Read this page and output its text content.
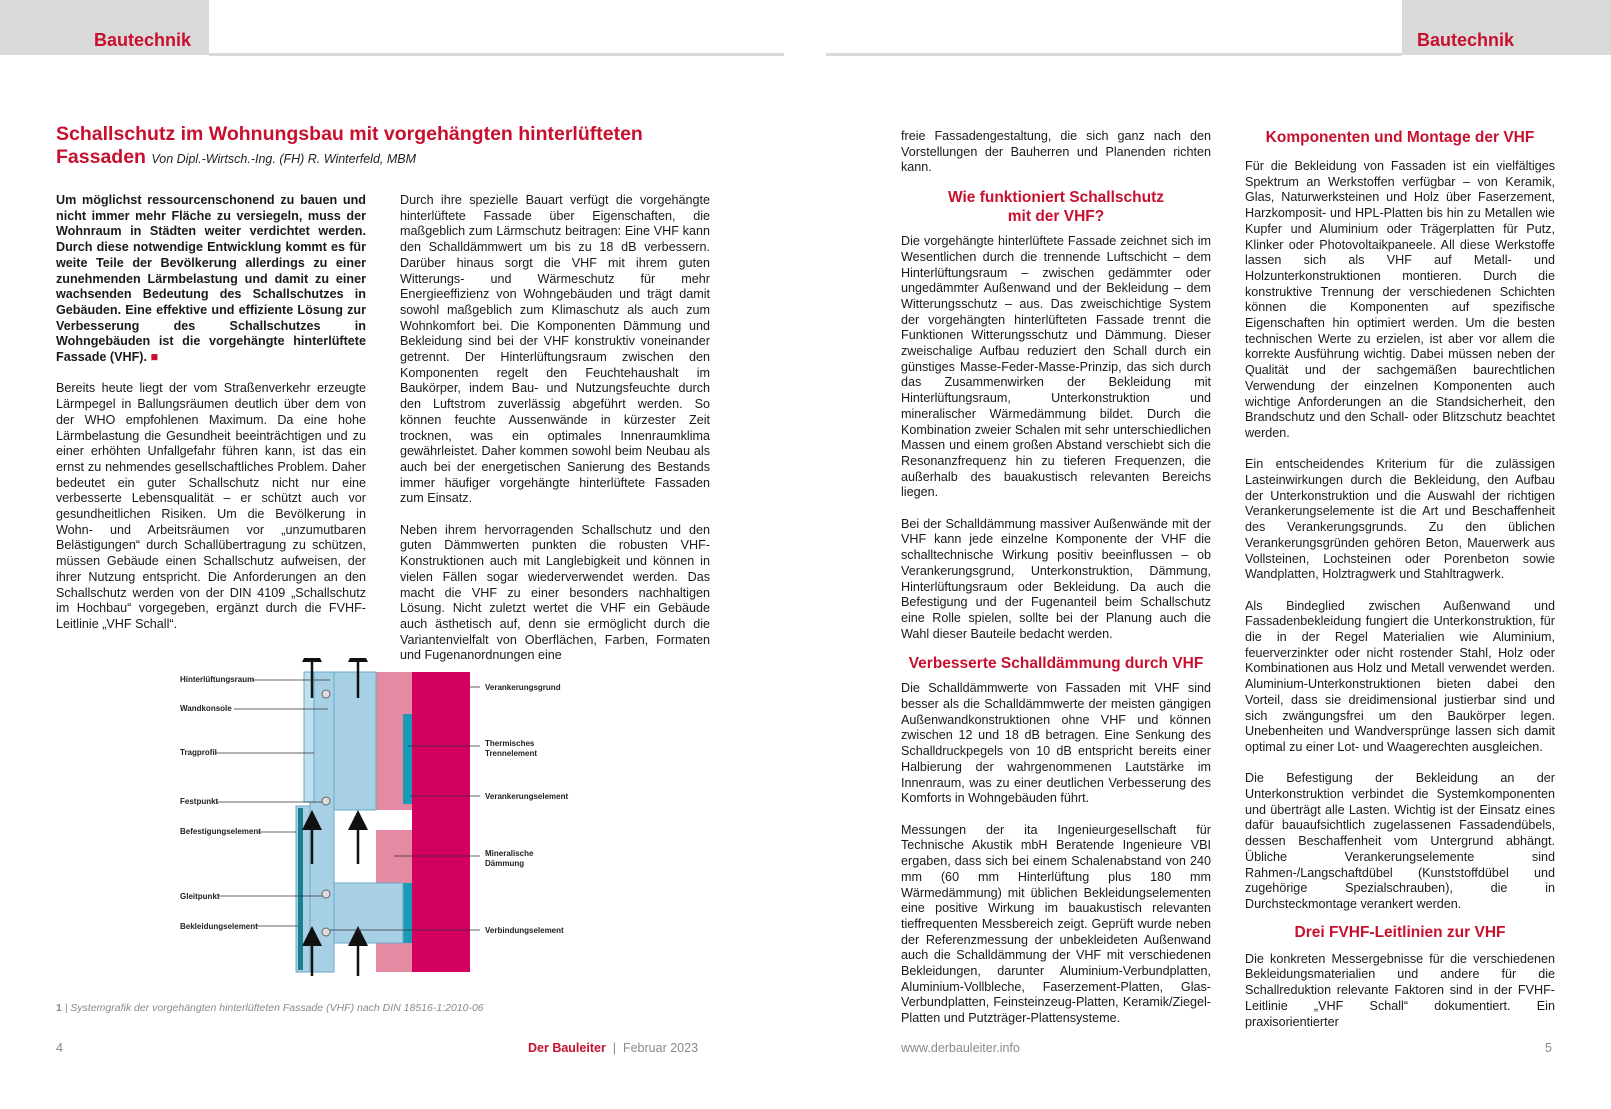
Bautechnik	Bautechnik
Schallschutz im Wohnungsbau mit vorgehängten hinterlüfteten Fassaden Von Dipl.-Wirtsch.-Ing. (FH) R. Winterfeld, MBM

Um möglichst ressourcenschonend zu bauen und nicht immer mehr Fläche zu versiegeln, muss der Wohnraum in Städten weiter verdichtet werden. Durch diese notwendige Entwicklung kommt es für weite Teile der Bevölkerung allerdings zu einer zunehmenden Lärmbelastung und damit zu einer wachsenden Bedeutung des Schallschutzes in Gebäuden. Eine effektive und effiziente Lösung zur Verbesserung des Schallschutzes in Wohngebäuden ist die vorgehängte hinterlüftete Fassade (VHF). ■

Bereits heute liegt der vom Straßenverkehr erzeugte Lärmpegel in Ballungsräumen deutlich über dem von der WHO empfohlenen Maximum. Da eine hohe Lärmbelastung die Gesundheit beeinträchtigen und zu einer erhöhten Unfallgefahr führen kann, ist das ein ernst zu nehmendes gesellschaftliches Problem. Daher bedeutet ein guter Schallschutz nicht nur eine verbesserte Lebensqualität – er schützt auch vor gesundheitlichen Risiken. Um die Bevölkerung in Wohn- und Arbeitsräumen vor „unzumutbaren Belästigungen“ durch Schallübertragung zu schützen, müssen Gebäude einen Schallschutz aufweisen, der ihrer Nutzung entspricht. Die Anforderungen an den Schallschutz werden von der DIN 4109 „Schallschutz im Hochbau“ vorgegeben, ergänzt durch die FVHF-Leitlinie „VHF Schall“.

Durch ihre spezielle Bauart verfügt die vorgehängte hinterlüftete Fassade über Eigenschaften, die maßgeblich zum Lärmschutz beitragen: Eine VHF kann den Schalldämmwert um bis zu 18 dB verbessern. Darüber hinaus sorgt die VHF mit ihrem guten Witterungs- und Wärmeschutz für mehr Energieeffizienz von Wohngebäuden und trägt damit sowohl maßgeblich zum Klimaschutz als auch zum Wohnkomfort bei. Die Komponenten Dämmung und Bekleidung sind bei der VHF konstruktiv voneinander getrennt. Der Hinterlüftungsraum zwischen den Komponenten regelt den Feuchtehaushalt im Baukörper, indem Bau- und Nutzungsfeuchte durch den Luftstrom zuverlässig abgeführt werden. So können feuchte Aussenwände in kürzester Zeit trocknen, was ein optimales Innenraumklima gewährleistet. Daher kommen sowohl beim Neubau als auch bei der energetischen Sanierung des Bestands immer häufiger vorgehängte hinterlüftete Fassaden zum Einsatz.

Neben ihrem hervorragenden Schallschutz und den guten Dämmwerten punkten die robusten VHF-Konstruktionen auch mit Langlebigkeit und können in vielen Fällen sogar wiederverwendet werden. Das macht die VHF zu einer besonders nachhaltigen Lösung. Nicht zuletzt wertet die VHF ein Gebäude auch ästhetisch auf, denn sie ermöglicht durch die Variantenvielfalt von Oberflächen, Farben, Formaten und Fugenanordnungen eine

freie Fassadengestaltung, die sich ganz nach den Vorstellungen der Bauherren und Planenden richten kann.

Wie funktioniert Schallschutz mit der VHF?

Die vorgehängte hinterlüftete Fassade zeichnet sich im Wesentlichen durch die trennende Luftschicht – dem Hinterlüftungsraum – zwischen gedämmter oder ungedämmter Außenwand und der Bekleidung – dem Witterungsschutz – aus. Das zweischichtige System der vorgehängten hinterlüfteten Fassade trennt die Funktionen Witterungsschutz und Dämmung. Dieser zweischalige Aufbau reduziert den Schall durch ein günstiges Masse-Feder-Masse-Prinzip, das sich durch das Zusammenwirken der Bekleidung mit Hinterlüftungsraum, Unterkonstruktion und mineralischer Wärmedämmung bildet. Durch die Kombination zweier Schalen mit sehr unterschiedlichen Massen und einem großen Abstand verschiebt sich die Resonanzfrequenz hin zu tieferen Frequenzen, die außerhalb des bauakustisch relevanten Bereichs liegen.

Bei der Schalldämmung massiver Außenwände mit der VHF kann jede einzelne Komponente der VHF die schalltechnische Wirkung positiv beeinflussen – ob Verankerungsgrund, Unterkonstruktion, Dämmung, Hinterlüftungsraum oder Bekleidung. Da auch die Befestigung und der Fugenanteil beim Schallschutz eine Rolle spielen, sollte bei der Planung auch die Wahl dieser Bauteile bedacht werden.

Verbesserte Schalldämmung durch VHF

Die Schalldämmwerte von Fassaden mit VHF sind besser als die Schalldämmwerte der meisten gängigen Außenwandkonstruktionen ohne VHF und können zwischen 12 und 18 dB betragen. Eine Senkung des Schalldruckpegels von 10 dB entspricht bereits einer Halbierung der wahrgenommenen Lautstärke im Innenraum, was zu einer deutlichen Verbesserung des Komforts in Wohngebäuden führt.

Messungen der ita Ingenieurgesellschaft für Technische Akustik mbH Beratende Ingenieure VBI ergaben, dass sich bei einem Schalenabstand von 240 mm (60 mm Hinterlüftung plus 180 mm Wärmedämmung) mit üblichen Bekleidungselementen eine positive Wirkung im bauakustisch relevanten tieffrequenten Messbereich zeigt. Geprüft wurde neben der Referenzmessung der unbekleideten Außenwand auch die Schalldämmung der VHF mit verschiedenen Bekleidungen, darunter Aluminium-Verbundplatten, Aluminium-Vollbleche, Faserzement-Platten, Glas-Verbundplatten, Feinsteinzeug-Platten, Keramik/Ziegel-Platten und Putzträger-Plattensysteme.

Komponenten und Montage der VHF

Für die Bekleidung von Fassaden ist ein vielfältiges Spektrum an Werkstoffen verfügbar – von Keramik, Glas, Naturwerksteinen und Holz über Faserzement, Harzkomposit- und HPL-Platten bis hin zu Metallen wie Kupfer und Aluminium oder Trägerplatten für Putz, Klinker oder Photovoltaikpaneele. All diese Werkstoffe lassen sich als VHF auf Metall- und Holzunterkonstruktionen montieren. Durch die konstruktive Trennung der verschiedenen Schichten können die Komponenten auf spezifische Eigenschaften hin optimiert werden. Um die besten technischen Werte zu erzielen, ist aber vor allem die korrekte Ausführung wichtig. Dabei müssen neben der Qualität und der sachgemäßen baurechtlichen Verwendung der einzelnen Komponenten auch wichtige Anforderungen an die Standsicherheit, den Brandschutz und den Schall- oder Blitzschutz beachtet werden.

Ein entscheidendes Kriterium für die zulässigen Lasteinwirkungen durch die Bekleidung, den Aufbau der Unterkonstruktion und die Auswahl der richtigen Verankerungselemente ist die Art und Beschaffenheit des Verankerungsgrunds. Zu den üblichen Verankerungsgründen gehören Beton, Mauerwerk aus Vollsteinen, Lochsteinen oder Porenbeton sowie Wandplatten, Holztragwerk und Stahltragwerk.

Als Bindeglied zwischen Außenwand und Fassadenbekleidung fungiert die Unterkonstruktion, für die in der Regel Materialien wie Aluminium, feuerverzinkter oder nicht rostender Stahl, Holz oder Kombinationen aus Holz und Metall verwendet werden. Aluminium-Unterkonstruktionen bieten dabei den Vorteil, dass sie dreidimensional justierbar sind und sich zwängungsfrei um den Baukörper legen. Unebenheiten und Wandversprünge lassen sich damit optimal zu einer Lot- und Waagerechten ausgleichen.

Die Befestigung der Bekleidung an der Unterkonstruktion verbindet die Systemkomponenten und überträgt alle Lasten. Wichtig ist der Einsatz eines dafür bauaufsichtlich zugelassenen Fassadendübels, dessen Beschaffenheit vom Untergrund abhängt. Übliche Verankerungselemente sind Rahmen-/Langschaftdübel (Kunststoffdübel und zugehörige Spezialschrauben), die in Durchsteckmontage verankert werden.

Drei FVHF-Leitlinien zur VHF

Die konkreten Messergebnisse für die verschiedenen Bekleidungsmaterialien und andere für die Schallreduktion relevante Faktoren sind in der FVHF-Leitlinie „VHF Schall“ dokumentiert. Ein praxisorientierter

Hinterlüftungsraum
Wandkonsole
Tragprofil
Festpunkt
Befestigungselement
Gleitpunkt
Bekleidungselement
Verankerungsgrund
Thermisches
Trennelement
Verankerungselement
Mineralische
Dämmung
Verbindungselement
1 | Systemgrafik der vorgehängten hinterlüfteten Fassade (VHF) nach DIN 18516-1:2010-06
4	Der Bauleiter | Februar 2023	www.derbauleiter.info	5
